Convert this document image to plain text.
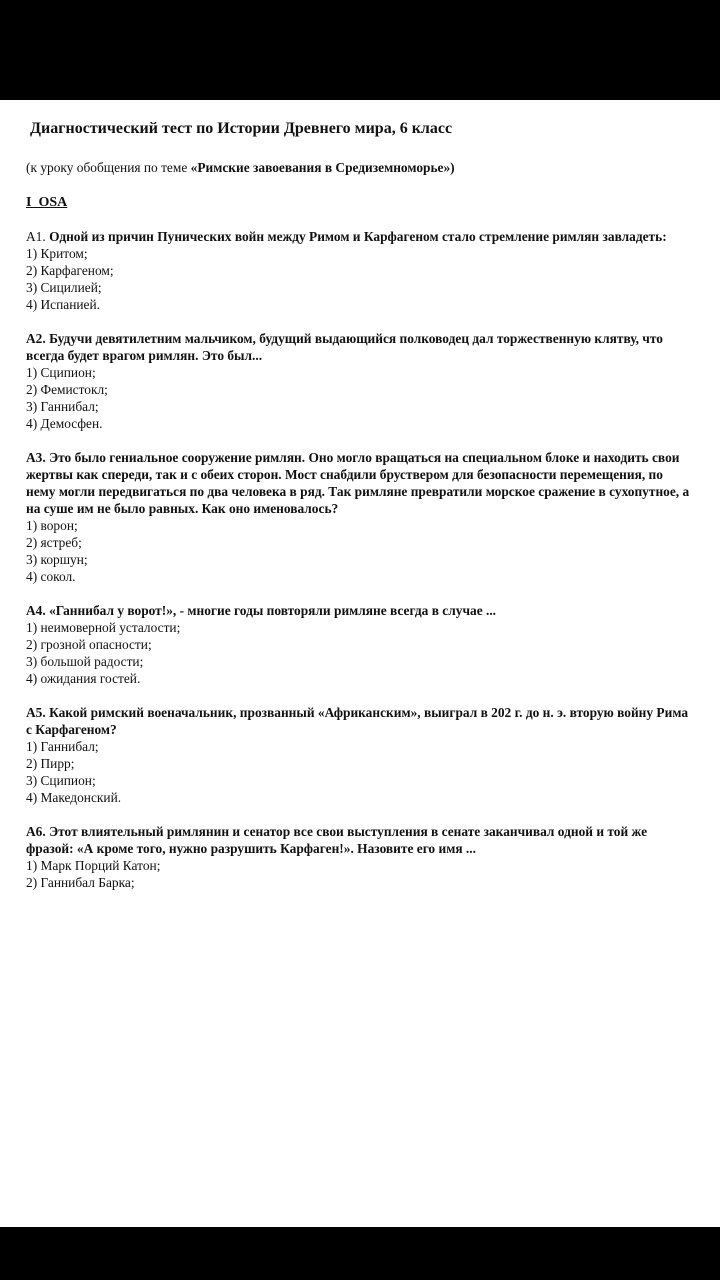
Диагностический тест по Истории Древнего мира, 6 класс
(к уроку обобщения по теме «Римские завоевания в Средиземноморье»)
I  OSA
А1. Одной из причин Пунических войн между Римом и Карфагеном стало стремление римлян завладеть:
1) Критом;
2) Карфагеном;
3) Сицилией;
4) Испанией.
А2. Будучи девятилетним мальчиком, будущий выдающийся полководец дал торжественную клятву, что всегда будет врагом римлян. Это был...
1) Сципион;
2) Фемистокл;
3) Ганнибал;
4) Демосфен.
А3. Это было гениальное сооружение римлян. Оно могло вращаться на специальном блоке и находить свои жертвы как спереди, так и с обеих сторон. Мост снабдили бруствером для безопасности перемещения, по нему могли передвигаться по два человека в ряд. Так римляне превратили морское сражение в сухопутное, а на суше им не было равных. Как оно именовалось?
1) ворон;
2) ястреб;
3) коршун;
4) сокол.
А4. «Ганнибал у ворот!», - многие годы повторяли римляне всегда в случае ...
1) неимоверной усталости;
2) грозной опасности;
3) большой радости;
4) ожидания гостей.
А5. Какой римский военачальник, прозванный «Африканским», выиграл в 202 г. до н. э. вторую войну Рима с Карфагеном?
1) Ганнибал;
2) Пирр;
3) Сципион;
4) Македонский.
А6. Этот влиятельный римлянин и сенатор все свои выступления в сенате заканчивал одной и той же фразой: «А кроме того, нужно разрушить Карфаген!». Назовите его имя ...
1) Марк Порций Катон;
2) Ганнибал Барка;
